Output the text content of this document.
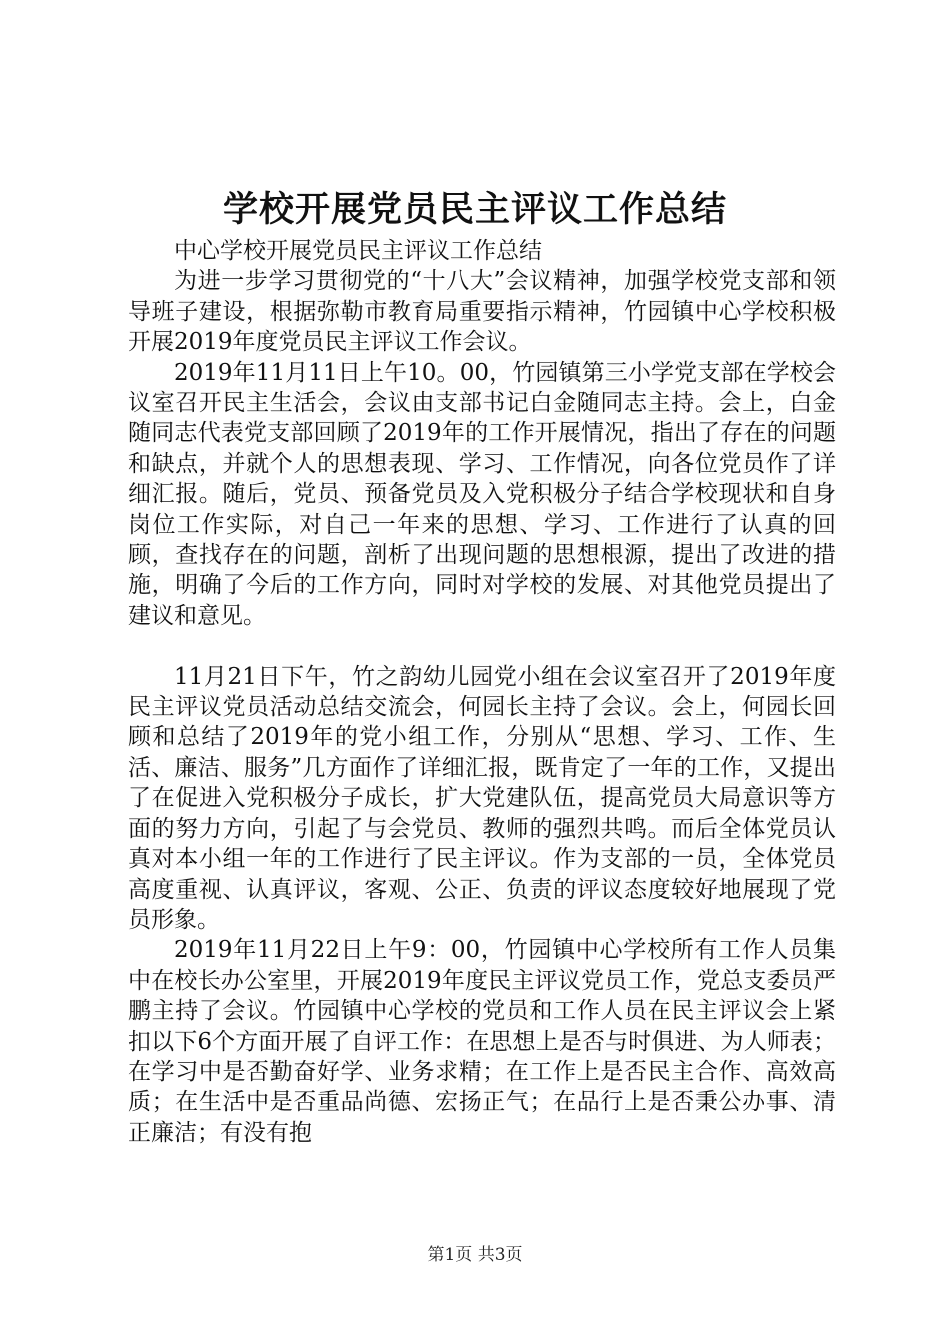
学校开展党员民主评议工作总结

中心学校开展党员民主评议工作总结

为进一步学习贯彻党的“十八大”会议精神，加强学校党支部和领导班子建设，根据弥勒市教育局重要指示精神，竹园镇中心学校积极开展2019年度党员民主评议工作会议。

2019年11月11日上午10。00，竹园镇第三小学党支部在学校会议室召开民主生活会，会议由支部书记白金随同志主持。会上，白金随同志代表党支部回顾了2019年的工作开展情况，指出了存在的问题和缺点，并就个人的思想表现、学习、工作情况，向各位党员作了详细汇报。随后，党员、预备党员及入党积极分子结合学校现状和自身岗位工作实际，对自己一年来的思想、学习、工作进行了认真的回顾，查找存在的问题，剖析了出现问题的思想根源，提出了改进的措施，明确了今后的工作方向，同时对学校的发展、对其他党员提出了建议和意见。

11月21日下午，竹之韵幼儿园党小组在会议室召开了2019年度民主评议党员活动总结交流会，何园长主持了会议。会上，何园长回顾和总结了2019年的党小组工作，分别从“思想、学习、工作、生活、廉洁、服务”几方面作了详细汇报，既肯定了一年的工作，又提出了在促进入党积极分子成长，扩大党建队伍，提高党员大局意识等方面的努力方向，引起了与会党员、教师的强烈共鸣。而后全体党员认真对本小组一年的工作进行了民主评议。作为支部的一员，全体党员高度重视、认真评议，客观、公正、负责的评议态度较好地展现了党员形象。

2019年11月22日上午9：00，竹园镇中心学校所有工作人员集中在校长办公室里，开展2019年度民主评议党员工作，党总支委员严鹏主持了会议。竹园镇中心学校的党员和工作人员在民主评议会上紧扣以下6个方面开展了自评工作：在思想上是否与时俱进、为人师表；在学习中是否勤奋好学、业务求精；在工作上是否民主合作、高效高质；在生活中是否重品尚德、宏扬正气；在品行上是否秉公办事、清正廉洁；有没有抱

第1页 共3页
